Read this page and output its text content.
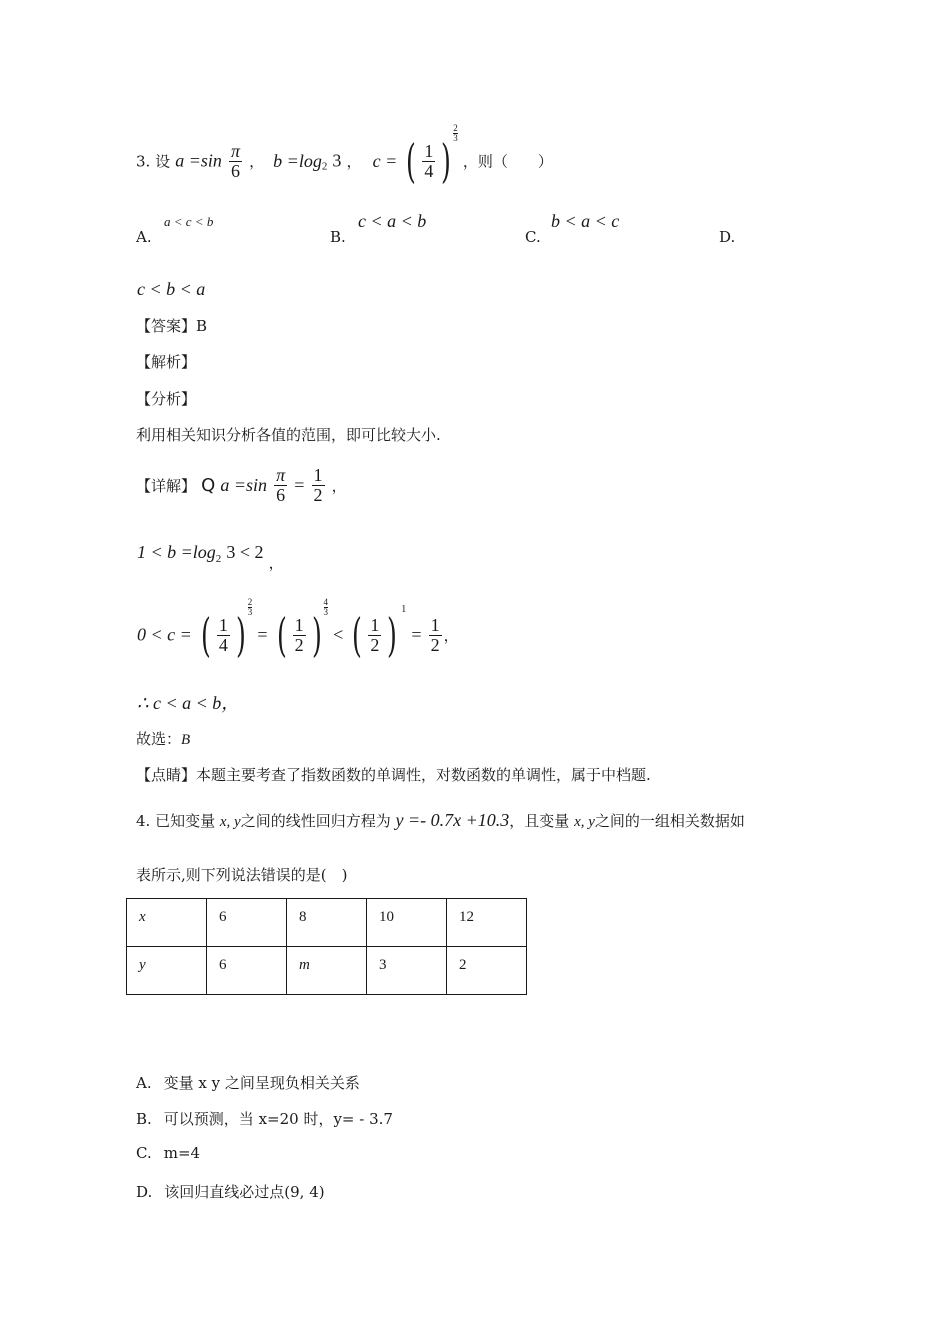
3. 设 $a =\sin \frac{\pi}{6}$ ， $b =\log_2$ 3 ， c = ( $\frac{1}{4}$ )
$\frac{2}{3}$
，则（　　）
A.
a < c < b
B.
c < a < b
C.
b < a < c
D.
c < b < a
【答案】B
【解析】
【分析】
利用相关知识分析各值的范围，即可比较大小.
【详解】 Q $a =\sin \frac{\pi}{6} = \frac{1}{2}$ ，
$1 < b =\log_2$ 3 < 2 ，
0 < c = ( $\frac{1}{4}$ )
$\frac{2}{3}$
= ( $\frac{1}{2}$ )
$\frac{4}{3}$
< ( $\frac{1}{2}$ ) $1 = \frac{1}{2}$ ，
∴ c < a < b，
故选：B
【点睛】本题主要考查了指数函数的单调性，对数函数的单调性，属于中档题.
4. 已知变量 x, y之间的线性回归方程为 y =- 0.7x +10.3，且变量 x, y之间的一组相关数据如
表所示,则下列说法错误的是(　)
x	6	8	10	12
y	6	m	3	2
A. 变量 x y 之间呈现负相关关系
B. 可以预测，当 x=20 时，y= - 3.7
C. m=4
D. 该回归直线必过点(9, 4)
